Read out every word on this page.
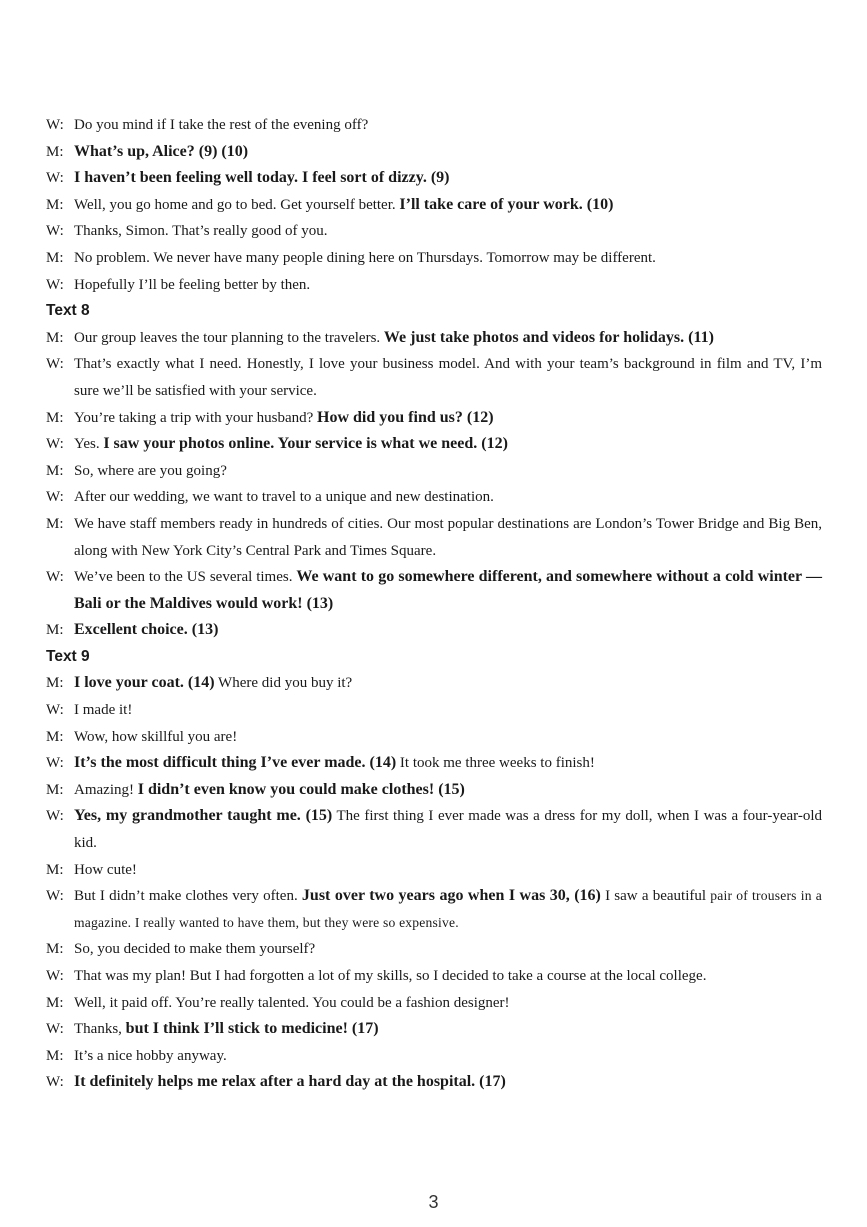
W: Do you mind if I take the rest of the evening off?
M: What’s up, Alice? (9) (10)
W: I haven’t been feeling well today. I feel sort of dizzy. (9)
M: Well, you go home and go to bed. Get yourself better. I’ll take care of your work. (10)
W: Thanks, Simon. That’s really good of you.
M: No problem. We never have many people dining here on Thursdays. Tomorrow may be different.
W: Hopefully I’ll be feeling better by then.
Text 8
M: Our group leaves the tour planning to the travelers. We just take photos and videos for holidays. (11)
W: That’s exactly what I need. Honestly, I love your business model. And with your team’s background in film and TV, I’m sure we’ll be satisfied with your service.
M: You’re taking a trip with your husband? How did you find us? (12)
W: Yes. I saw your photos online. Your service is what we need. (12)
M: So, where are you going?
W: After our wedding, we want to travel to a unique and new destination.
M: We have staff members ready in hundreds of cities. Our most popular destinations are London’s Tower Bridge and Big Ben, along with New York City’s Central Park and Times Square.
W: We’ve been to the US several times. We want to go somewhere different, and somewhere without a cold winter — Bali or the Maldives would work! (13)
M: Excellent choice. (13)
Text 9
M: I love your coat. (14) Where did you buy it?
W: I made it!
M: Wow, how skillful you are!
W: It’s the most difficult thing I’ve ever made. (14) It took me three weeks to finish!
M: Amazing! I didn’t even know you could make clothes! (15)
W: Yes, my grandmother taught me. (15) The first thing I ever made was a dress for my doll, when I was a four-year-old kid.
M: How cute!
W: But I didn’t make clothes very often. Just over two years ago when I was 30, (16) I saw a beautiful pair of trousers in a magazine. I really wanted to have them, but they were so expensive.
M: So, you decided to make them yourself?
W: That was my plan! But I had forgotten a lot of my skills, so I decided to take a course at the local college.
M: Well, it paid off. You’re really talented. You could be a fashion designer!
W: Thanks, but I think I’ll stick to medicine! (17)
M: It’s a nice hobby anyway.
W: It definitely helps me relax after a hard day at the hospital. (17)
3
